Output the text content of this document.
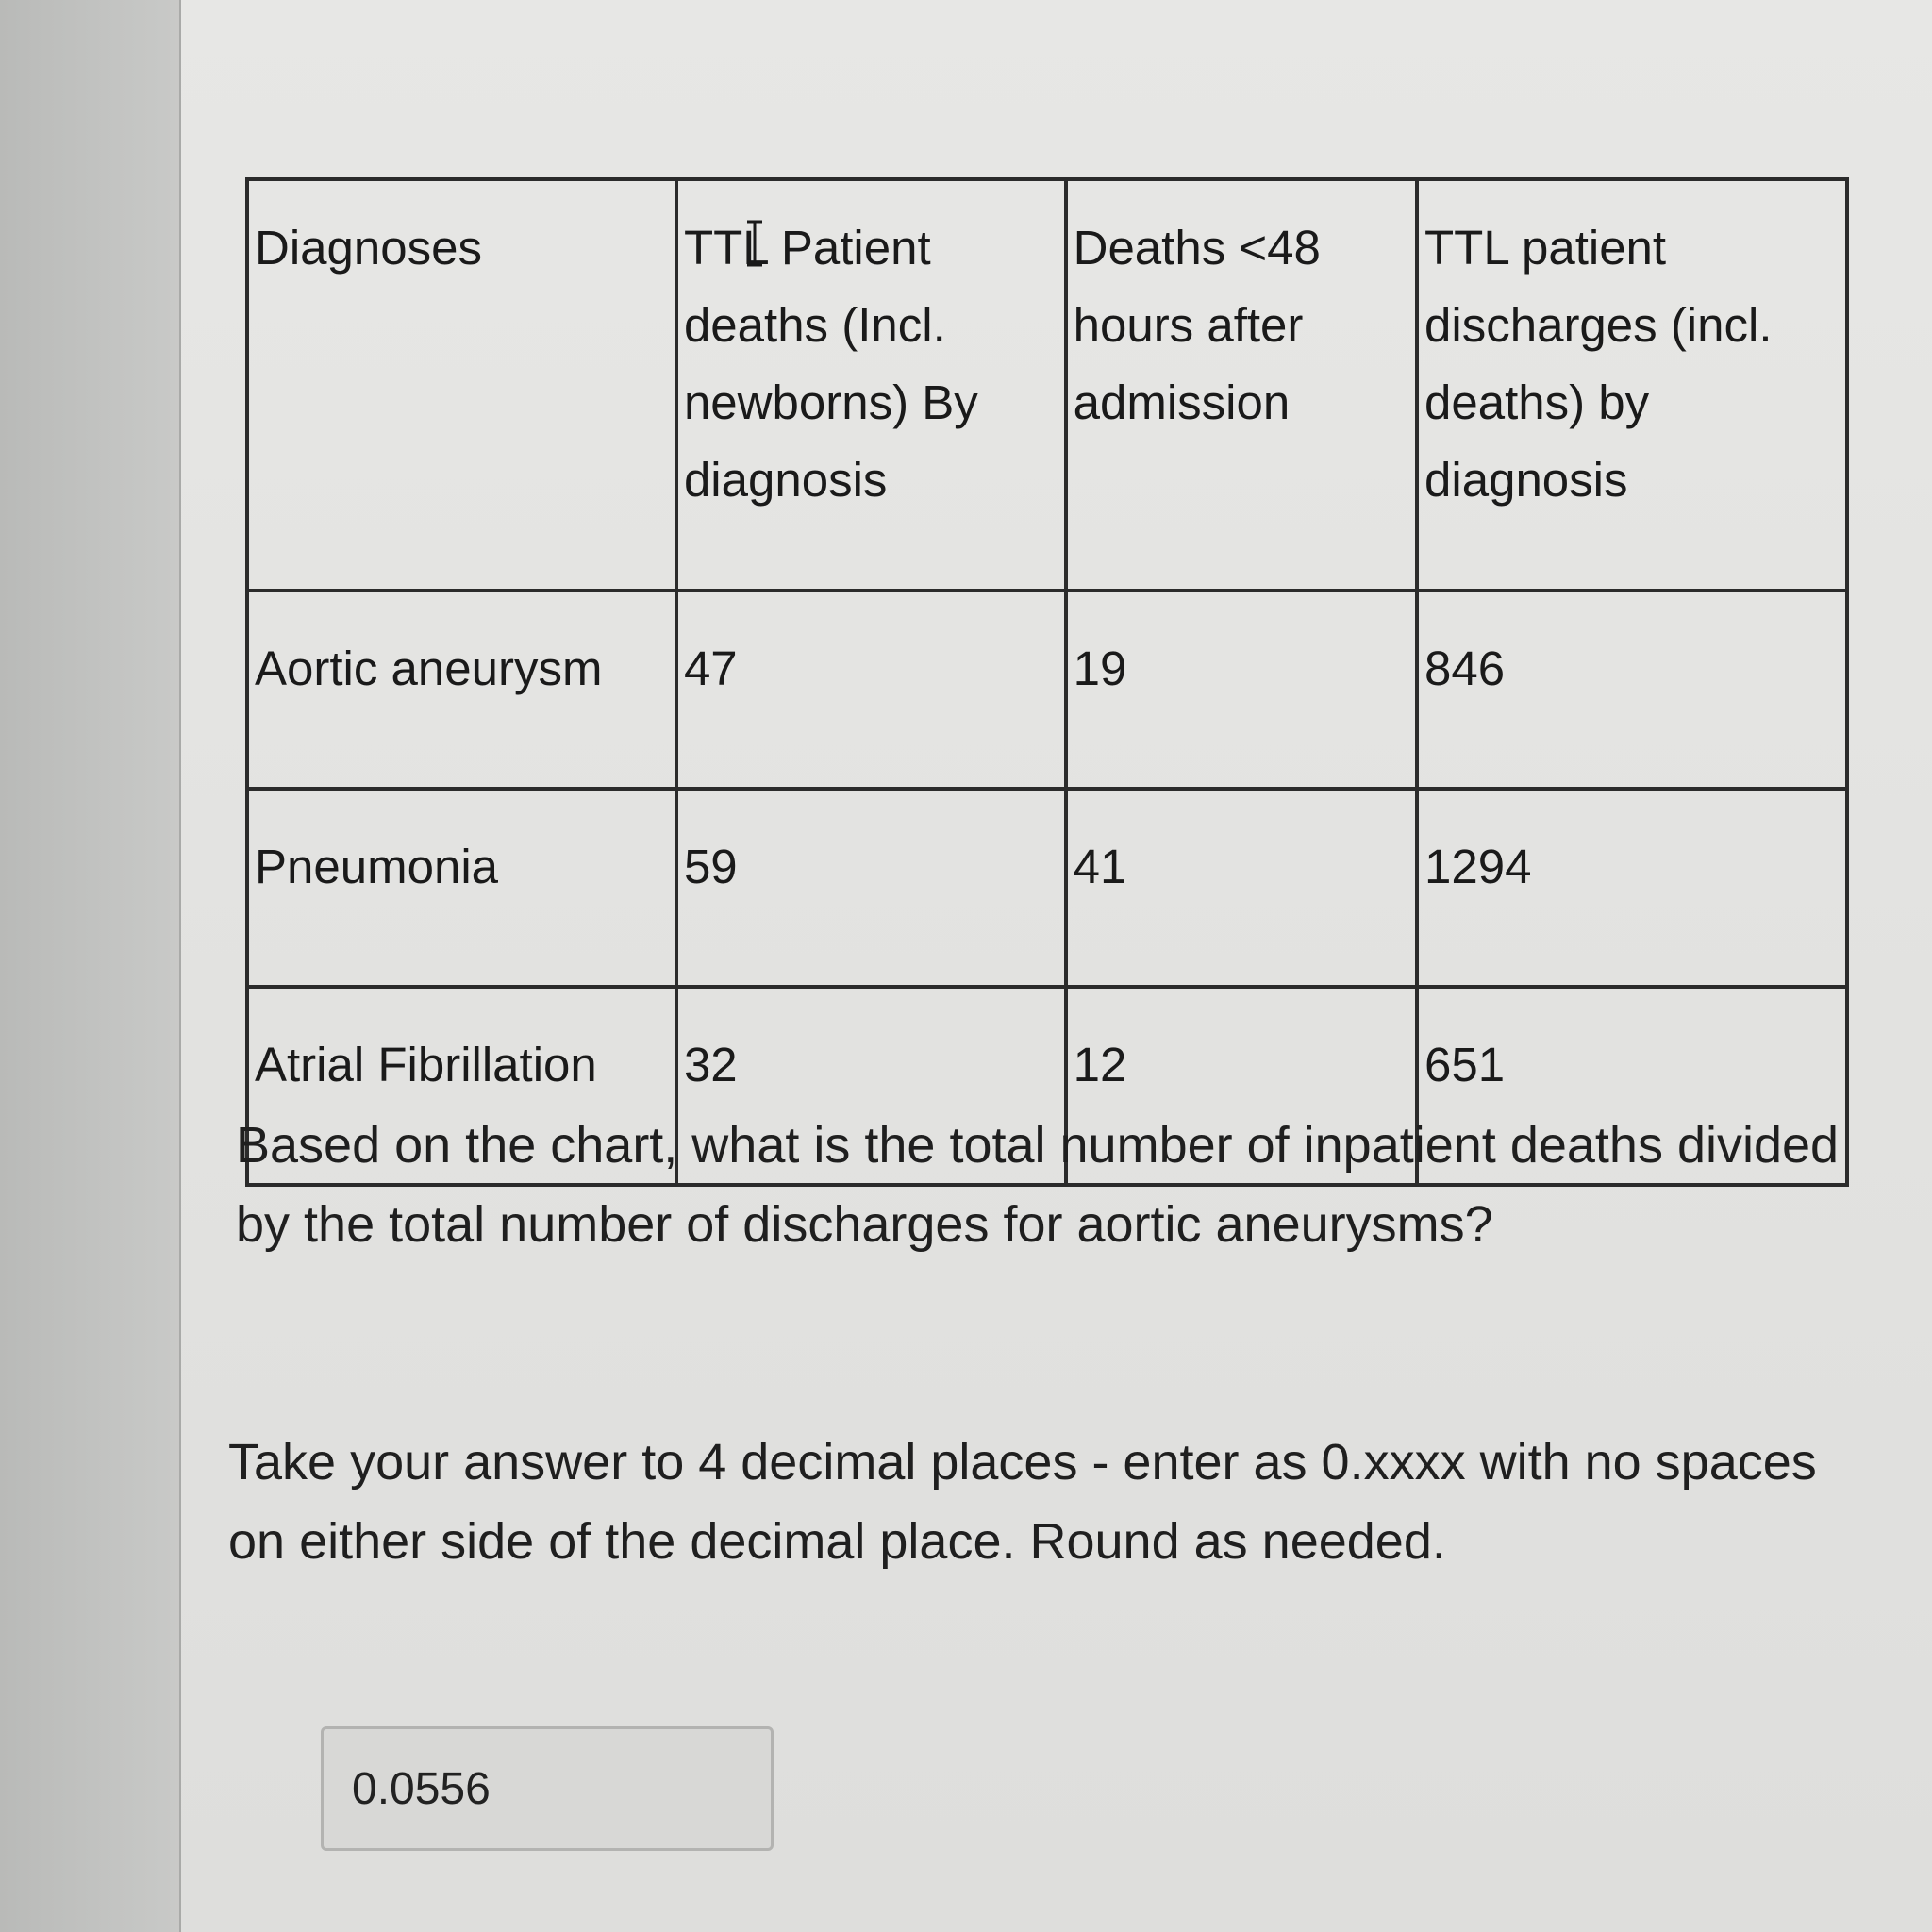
Diagnoses	TTL Patient deaths (Incl. newborns) By diagnosis	Deaths <48 hours after admission	TTL patient discharges (incl. deaths) by diagnosis
Aortic aneurysm	47	19	846
Pneumonia	59	41	1294
Atrial Fibrillation	32	12	651

Based on the chart, what is the total number of inpatient deaths divided by the total number of discharges for aortic aneurysms?

Take your answer to 4 decimal places - enter as 0.xxxx with no spaces on either side of the decimal place. Round as needed.

0.0556
